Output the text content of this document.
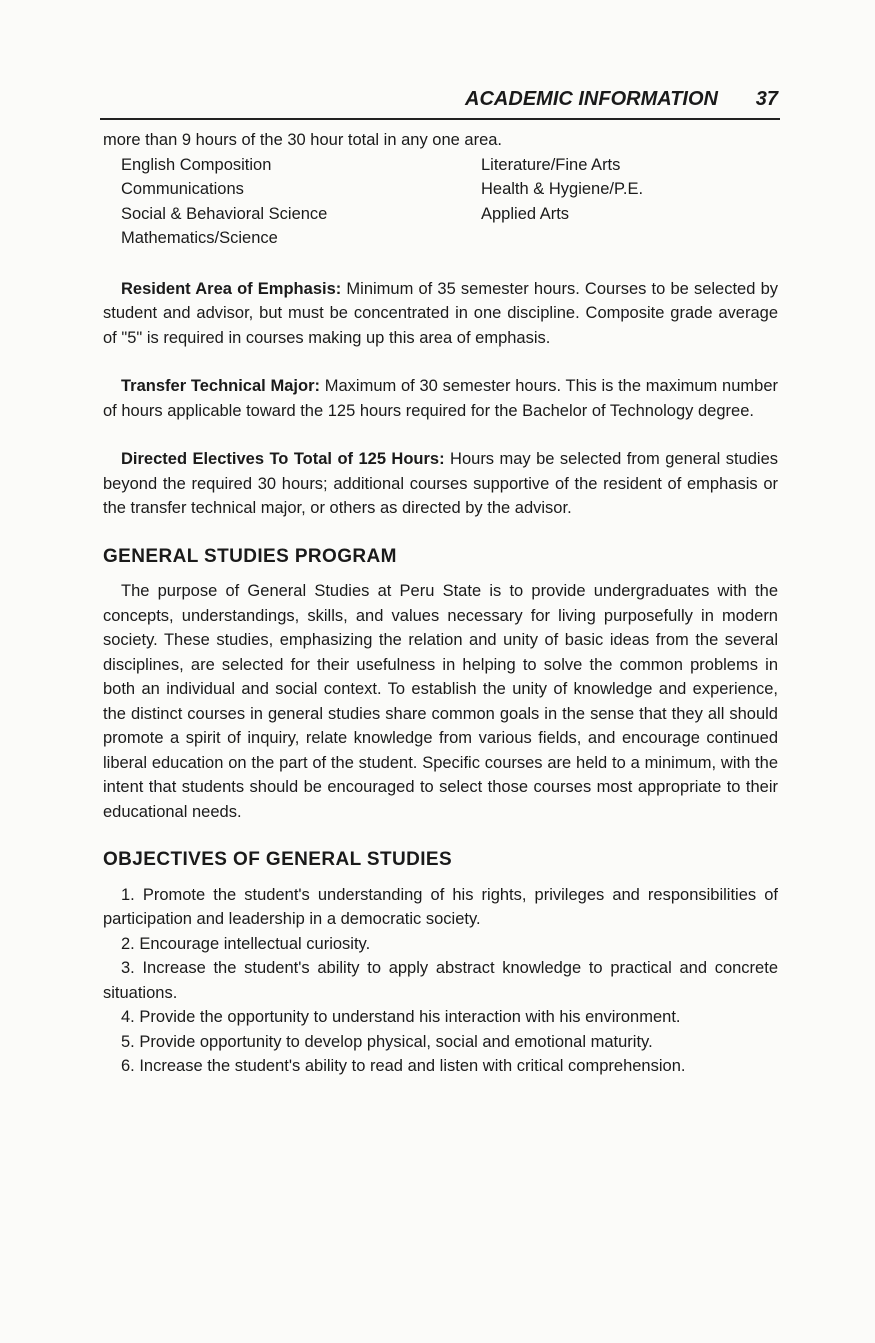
ACADEMIC INFORMATION 37

more than 9 hours of the 30 hour total in any one area.

English Composition	Literature/Fine Arts
Communications	Health & Hygiene/P.E.
Social & Behavioral Science	Applied Arts
Mathematics/Science

Resident Area of Emphasis: Minimum of 35 semester hours. Courses to be selected by student and advisor, but must be concentrated in one discipline. Composite grade average of "5" is required in courses making up this area of emphasis.

Transfer Technical Major: Maximum of 30 semester hours. This is the maximum number of hours applicable toward the 125 hours required for the Bachelor of Technology degree.

Directed Electives To Total of 125 Hours: Hours may be selected from general studies beyond the required 30 hours; additional courses supportive of the resident of emphasis or the transfer technical major, or others as directed by the advisor.

GENERAL STUDIES PROGRAM

The purpose of General Studies at Peru State is to provide undergraduates with the concepts, understandings, skills, and values necessary for living purposefully in modern society. These studies, emphasizing the relation and unity of basic ideas from the several disciplines, are selected for their usefulness in helping to solve the common problems in both an individual and social context. To establish the unity of knowledge and experience, the distinct courses in general studies share common goals in the sense that they all should promote a spirit of inquiry, relate knowledge from various fields, and encourage continued liberal education on the part of the student. Specific courses are held to a minimum, with the intent that students should be encouraged to select those courses most appropriate to their educational needs.

OBJECTIVES OF GENERAL STUDIES

1. Promote the student's understanding of his rights, privileges and responsibilities of participation and leadership in a democratic society.

2. Encourage intellectual curiosity.

3. Increase the student's ability to apply abstract knowledge to practical and concrete situations.

4. Provide the opportunity to understand his interaction with his environment.

5. Provide opportunity to develop physical, social and emotional maturity.

6. Increase the student's ability to read and listen with critical comprehension.
